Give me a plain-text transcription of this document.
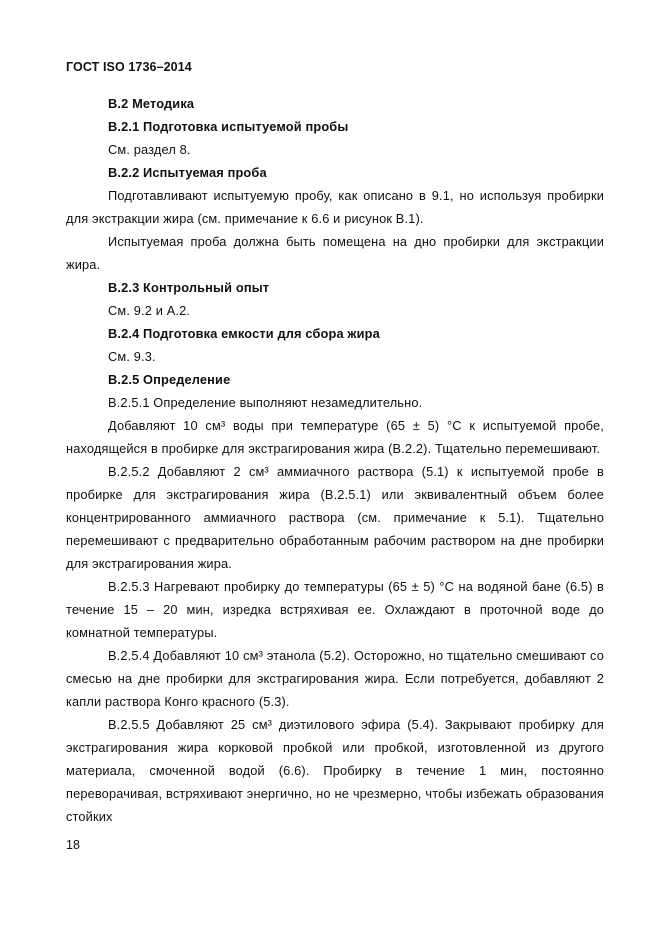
ГОСТ ISO 1736–2014

В.2 Методика

В.2.1 Подготовка испытуемой пробы

См. раздел 8.

В.2.2 Испытуемая проба

Подготавливают испытуемую пробу, как описано в 9.1, но используя пробирки для экстракции жира (см. примечание к 6.6 и рисунок В.1).

Испытуемая проба должна быть помещена на дно пробирки для экстракции жира.

В.2.3 Контрольный опыт

См. 9.2 и А.2.

В.2.4 Подготовка емкости для сбора жира

См. 9.3.

В.2.5 Определение

В.2.5.1 Определение выполняют незамедлительно.

Добавляют 10 см³ воды при температуре (65 ± 5) °С к испытуемой пробе, находящейся в пробирке для экстрагирования жира (В.2.2). Тщательно перемешивают.

В.2.5.2 Добавляют 2 см³ аммиачного раствора (5.1) к испытуемой пробе в пробирке для экстрагирования жира (В.2.5.1) или эквивалентный объем более концентрированного аммиачного раствора (см. примечание к 5.1). Тщательно перемешивают с предварительно обработанным рабочим раствором на дне пробирки для экстрагирования жира.

В.2.5.3 Нагревают пробирку до температуры (65 ± 5) °С на водяной бане (6.5) в течение 15 – 20 мин, изредка встряхивая ее. Охлаждают в проточной воде до комнатной температуры.

В.2.5.4 Добавляют 10 см³ этанола (5.2). Осторожно, но тщательно смешивают со смесью на дне пробирки для экстрагирования жира. Если потребуется, добавляют 2 капли раствора Конго красного (5.3).

В.2.5.5 Добавляют 25 см³ диэтилового эфира (5.4). Закрывают пробирку для экстрагирования жира корковой пробкой или пробкой, изготовленной из другого материала, смоченной водой (6.6). Пробирку в течение 1 мин, постоянно переворачивая, встряхивают энергично, но не чрезмерно, чтобы избежать образования стойких

18
